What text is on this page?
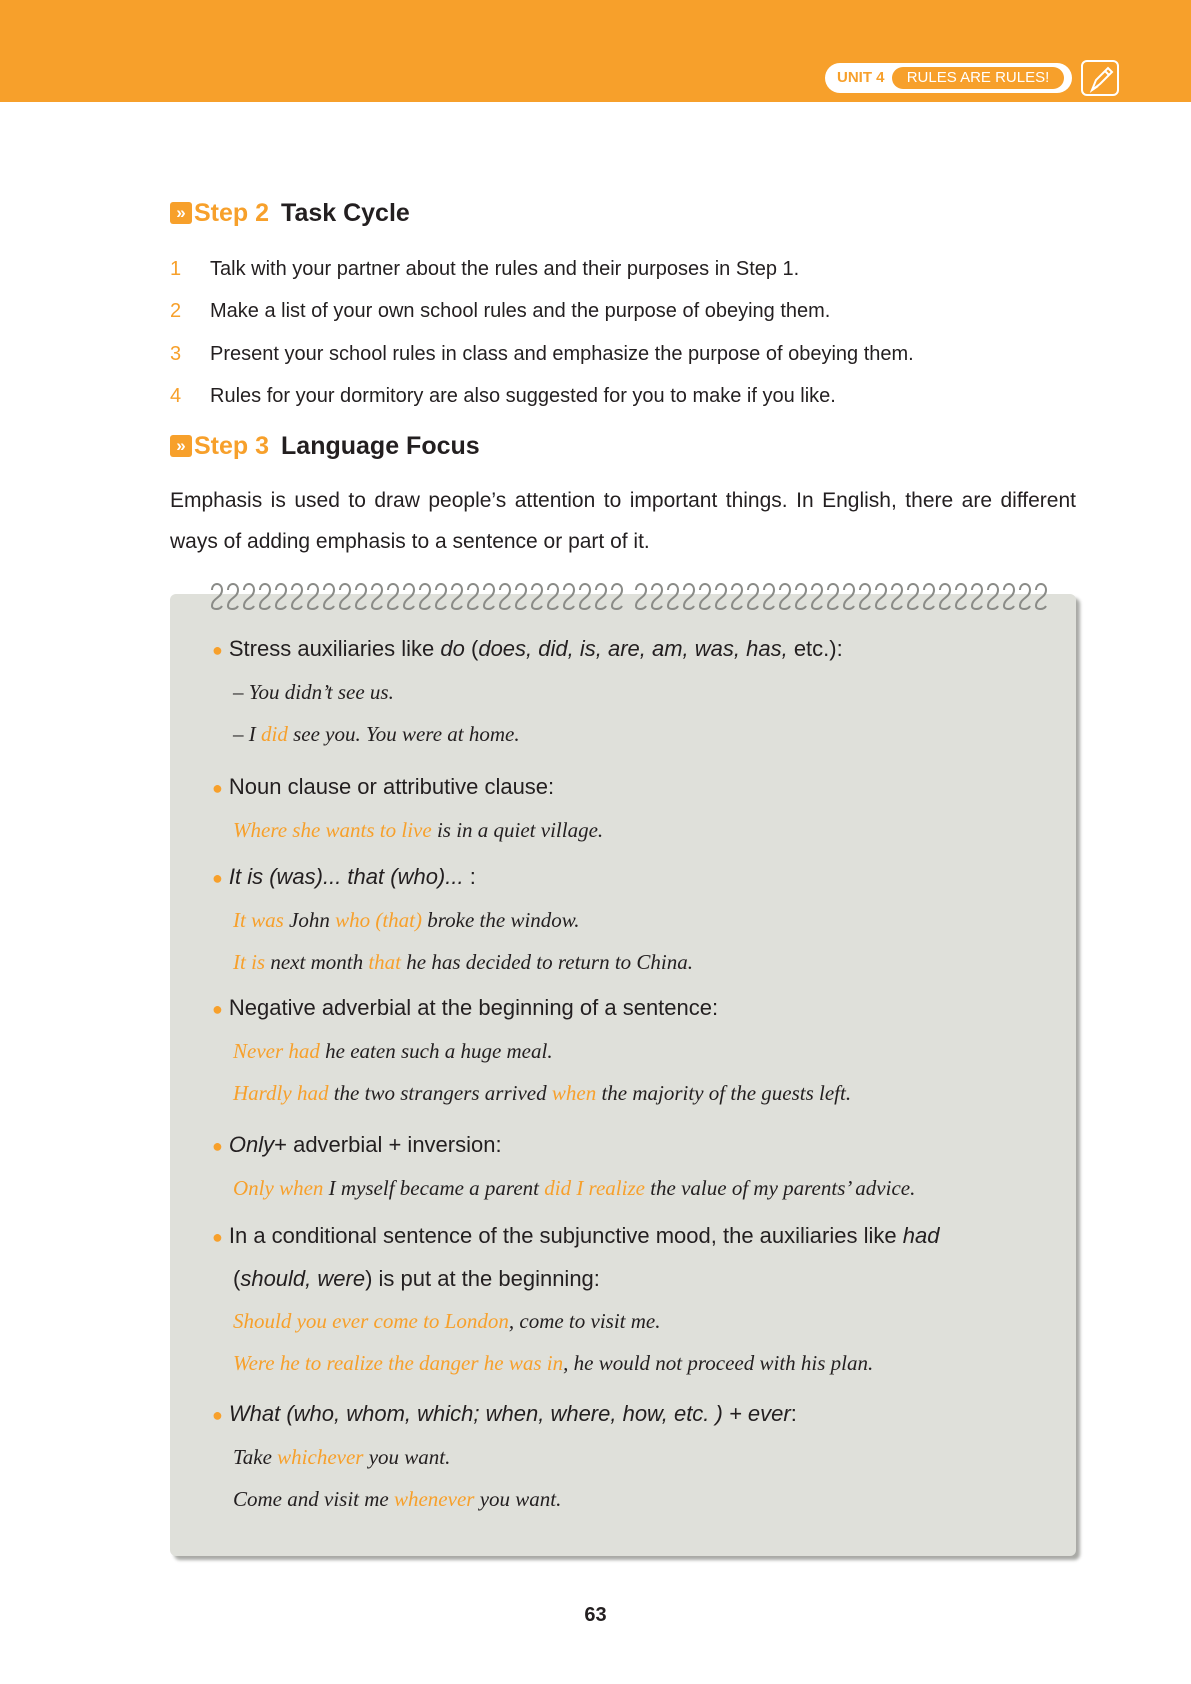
UNIT 4	RULES ARE RULES!
» Step 2 Task Cycle
1	Talk with your partner about the rules and their purposes in Step 1.
2	Make a list of your own school rules and the purpose of obeying them.
3	Present your school rules in class and emphasize the purpose of obeying them.
4	Rules for your dormitory are also suggested for you to make if you like.
» Step 3 Language Focus
Emphasis is used to draw people’s attention to important things. In English, there are different ways of adding emphasis to a sentence or part of it.
● Stress auxiliaries like do (does, did, is, are, am, was, has, etc.):
– You didn’t see us.
– I did see you. You were at home.
● Noun clause or attributive clause:
Where she wants to live is in a quiet village.
● It is (was)... that (who)... :
It was John who (that) broke the window.
It is next month that he has decided to return to China.
● Negative adverbial at the beginning of a sentence:
Never had he eaten such a huge meal.
Hardly had the two strangers arrived when the majority of the guests left.
● Only+ adverbial + inversion:
Only when I myself became a parent did I realize the value of my parents’ advice.
● In a conditional sentence of the subjunctive mood, the auxiliaries like had
(should, were) is put at the beginning:
Should you ever come to London, come to visit me.
Were he to realize the danger he was in, he would not proceed with his plan.
● What (who, whom, which; when, where, how, etc. ) + ever:
Take whichever you want.
Come and visit me whenever you want.
63
